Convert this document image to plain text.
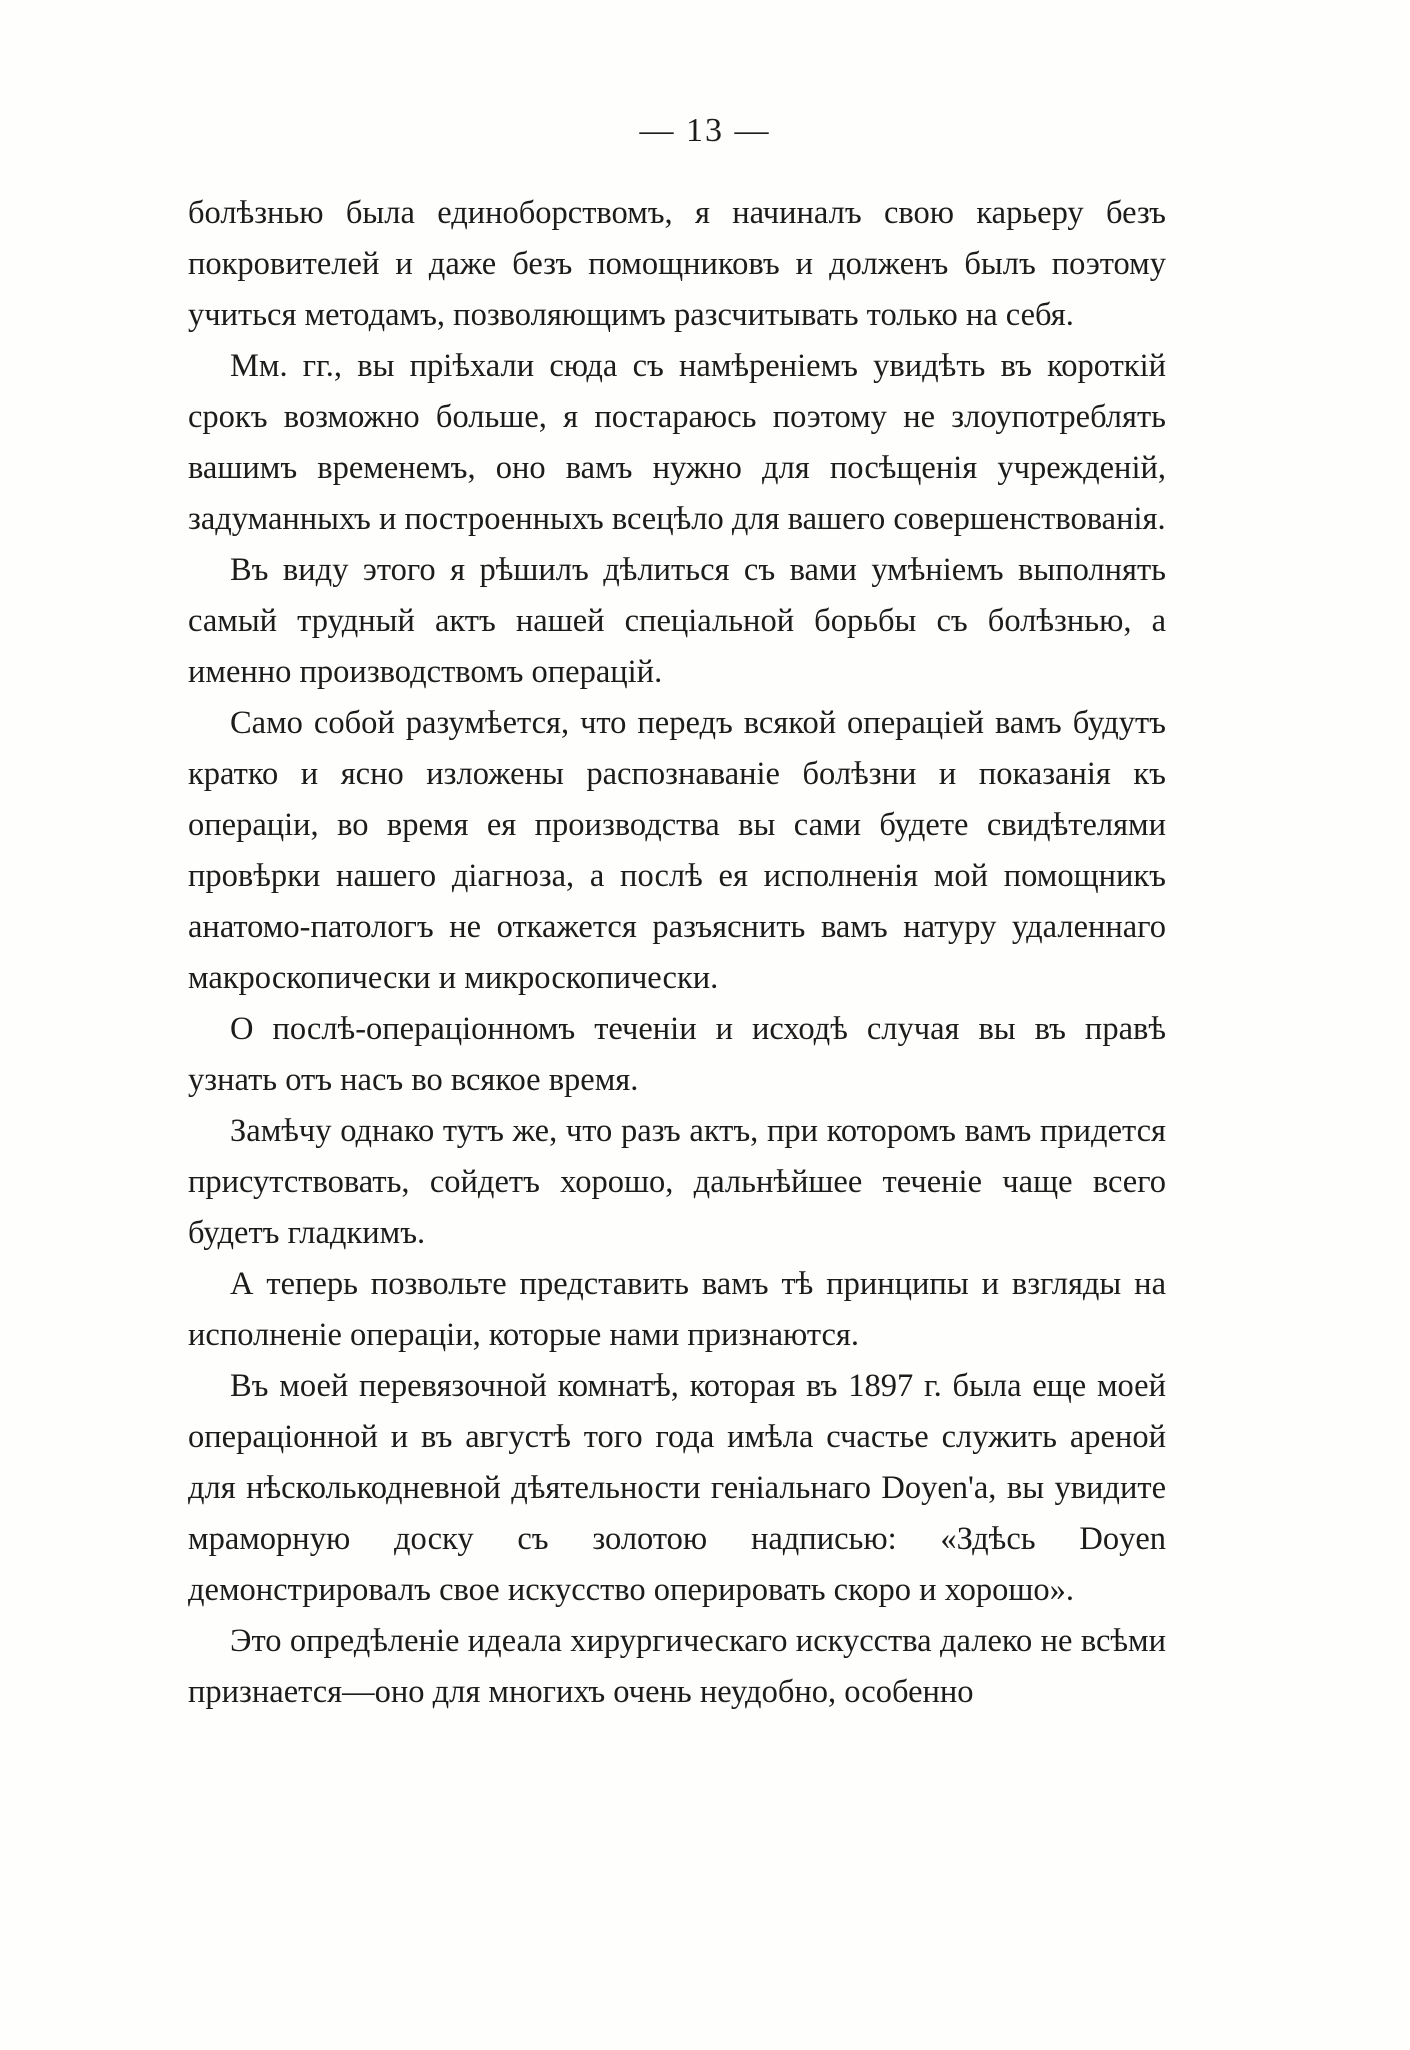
— 13 —

болѣзнью была единоборствомъ, я начиналъ свою карьеру безъ покровителей и даже безъ помощниковъ и долженъ былъ поэтому учиться методамъ, позволяющимъ разсчитывать только на себя.

Мм. гг., вы пріѣхали сюда съ намѣреніемъ увидѣть въ короткій срокъ возможно больше, я постараюсь поэтому не злоупотреблять вашимъ временемъ, оно вамъ нужно для посѣщенія учрежденій, задуманныхъ и построенныхъ всецѣло для вашего совершенствованія.

Въ виду этого я рѣшилъ дѣлиться съ вами умѣніемъ выполнять самый трудный актъ нашей спеціальной борьбы съ болѣзнью, а именно производствомъ операцій.

Само собой разумѣется, что передъ всякой операціей вамъ будутъ кратко и ясно изложены распознаваніе болѣзни и показанія къ операціи, во время ея производства вы сами будете свидѣтелями провѣрки нашего діагноза, а послѣ ея исполненія мой помощникъ анатомо-патологъ не откажется разъяснить вамъ натуру удаленнаго макроскопически и микроскопически.

О послѣ-операціонномъ теченіи и исходѣ случая вы въ правѣ узнать отъ насъ во всякое время.

Замѣчу однако тутъ же, что разъ актъ, при которомъ вамъ придется присутствовать, сойдетъ хорошо, дальнѣйшее теченіе чаще всего будетъ гладкимъ.

А теперь позвольте представить вамъ тѣ принципы и взгляды на исполненіе операціи, которые нами признаются.

Въ моей перевязочной комнатѣ, которая въ 1897 г. была еще моей операціонной и въ августѣ того года имѣла счастье служить ареной для нѣсколькодневной дѣятельности геніальнаго Doyen'а, вы увидите мраморную доску съ золотою надписью: «Здѣсь Doyen демонстрировалъ свое искусство оперировать скоро и хорошо».

Это опредѣленіе идеала хирургическаго искусства далеко не всѣми признается—оно для многихъ очень неудобно, особенно
